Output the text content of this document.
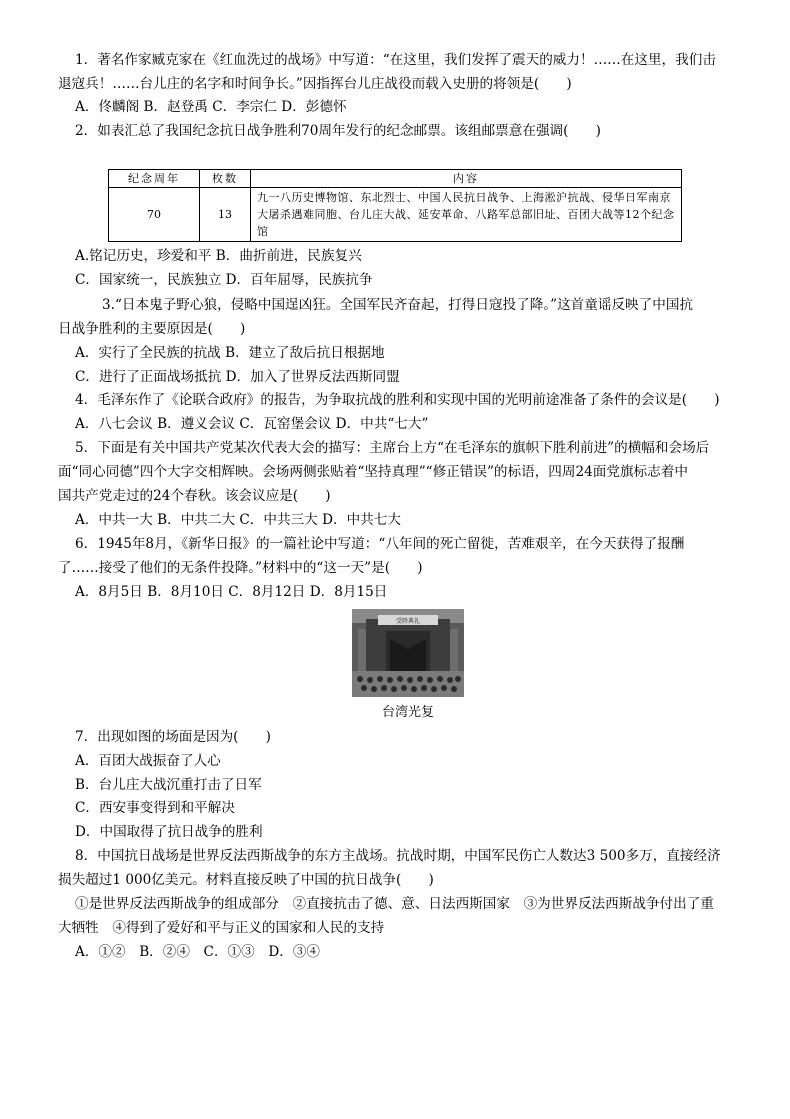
1．著名作家臧克家在《红血洗过的战场》中写道：“在这里，我们发挥了震天的威力！……在这里，我们击
退寇兵！……台儿庄的名字和时间争长。”因指挥台儿庄战役而载入史册的将领是(　　)
A．佟麟阁 B．赵登禹 C．李宗仁 D．彭德怀
2．如表汇总了我国纪念抗日战争胜利70周年发行的纪念邮票。该组邮票意在强调(　　)
纪念周年	枚数	内容
70	13	九一八历史博物馆、东北烈士、中国人民抗日战争、上海淞沪抗战、侵华日军南京大屠杀遇难同胞、台儿庄大战、延安革命、八路军总部旧址、百团大战等12个纪念馆
A.铭记历史，珍爱和平 B．曲折前进，民族复兴
C．国家统一，民族独立 D．百年屈辱，民族抗争
3.“日本鬼子野心狼，侵略中国逞凶狂。全国军民齐奋起，打得日寇投了降。”这首童谣反映了中国抗
日战争胜利的主要原因是(　　)
A．实行了全民族的抗战 B．建立了敌后抗日根据地
C．进行了正面战场抵抗 D．加入了世界反法西斯同盟
4．毛泽东作了《论联合政府》的报告，为争取抗战的胜利和实现中国的光明前途准备了条件的会议是(　　)
A．八七会议 B．遵义会议 C．瓦窑堡会议 D．中共“七大”
5．下面是有关中国共产党某次代表大会的描写：主席台上方“在毛泽东的旗帜下胜利前进”的横幅和会场后
面“同心同德”四个大字交相辉映。会场两侧张贴着“坚持真理”“修正错误”的标语，四周24面党旗标志着中
国共产党走过的24个春秋。该会议应是(　　)
A．中共一大 B．中共二大 C．中共三大 D．中共七大
6．1945年8月，《新华日报》的一篇社论中写道：“八年间的死亡留徙，苦难艰辛，在今天获得了报酬
了……接受了他们的无条件投降。”材料中的“这一天”是(　　)
A．8月5日 B．8月10日 C．8月12日 D．8月15日
受降典礼
台湾光复
7．出现如图的场面是因为(　　)
A．百团大战振奋了人心
B．台儿庄大战沉重打击了日军
C．西安事变得到和平解决
D．中国取得了抗日战争的胜利
8．中国抗日战场是世界反法西斯战争的东方主战场。抗战时期，中国军民伤亡人数达3 500多万，直接经济
损失超过1 000亿美元。材料直接反映了中国的抗日战争(　　)
①是世界反法西斯战争的组成部分　②直接抗击了德、意、日法西斯国家　③为世界反法西斯战争付出了重
大牺牲　④得到了爱好和平与正义的国家和人民的支持
A．①②　B．②④　C．①③　D．③④
